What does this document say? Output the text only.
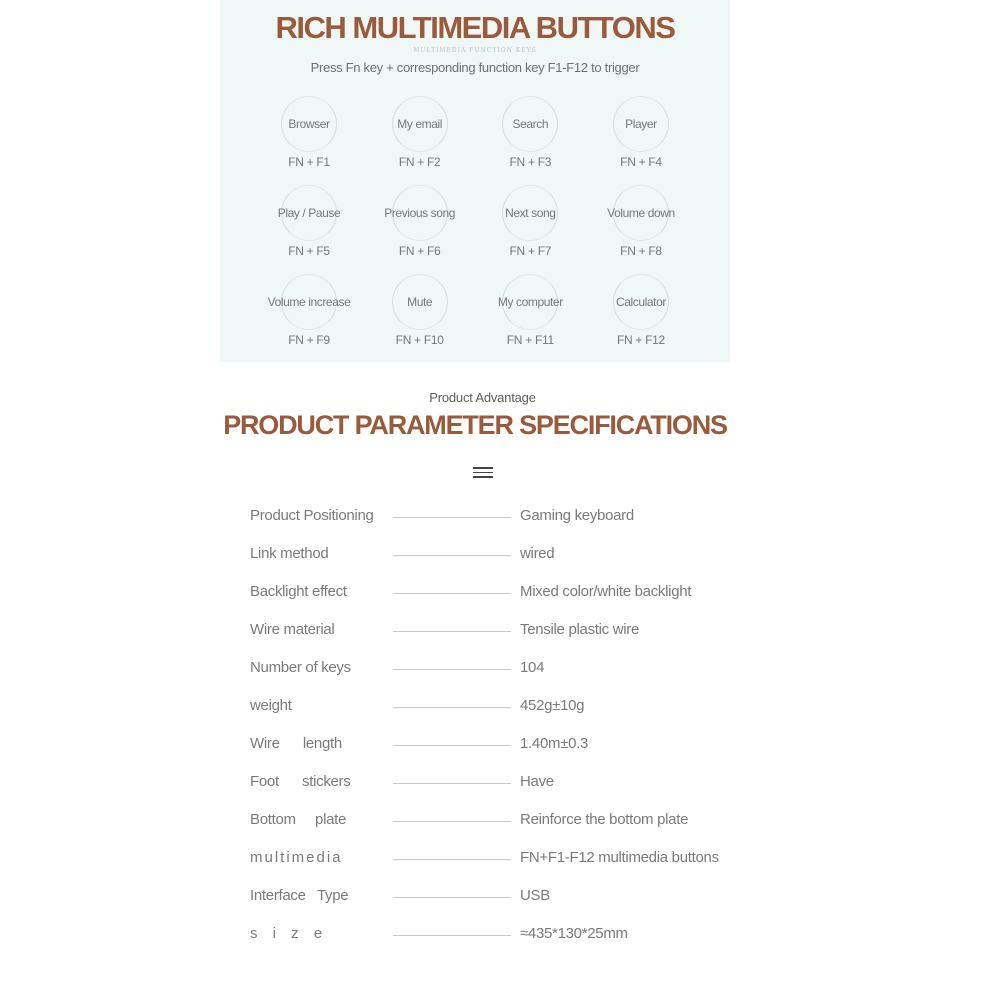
RICH MULTIMEDIA BUTTONS
MULTIMEDIA FUNCTION KEYS
Press Fn key + corresponding function key F1-F12 to trigger
Browser
FN + F1
My email
FN + F2
Search
FN + F3
Player
FN + F4
Play / Pause
FN + F5
Previous song
FN + F6
Next song
FN + F7
Volume down
FN + F8
Volume increase
FN + F9
Mute
FN + F10
My computer
FN + F11
Calculator
FN + F12
Product Advantage
PRODUCT PARAMETER SPECIFICATIONS
Product Positioning	Gaming keyboard
Link method	wired
Backlight effect	Mixed color/white backlight
Wire material	Tensile plastic wire
Number of keys	104
weight	452g±10g
Wire      length	1.40m±0.3
Foot      stickers	Have
Bottom     plate	Reinforce the bottom plate
multimedia	FN+F1-F12 multimedia buttons
Interface   Type	USB
s    i    z    e	≈435*130*25mm
